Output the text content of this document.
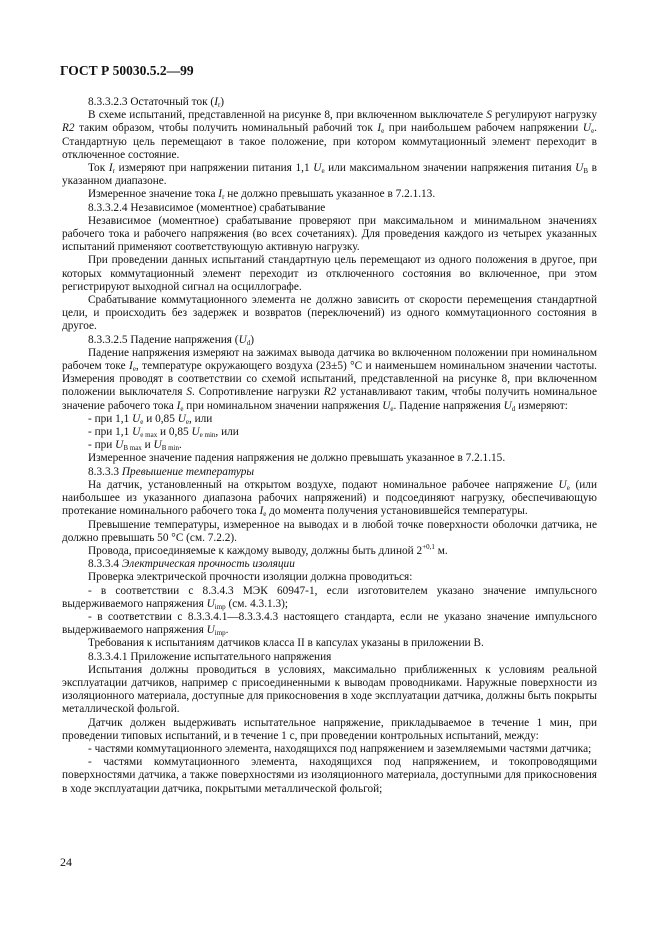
ГОСТ Р 50030.5.2—99

8.3.3.2.3 Остаточный ток $(I_r)$

В схеме испытаний, представленной на рисунке 8, при включенном выключателе S регулируют нагрузку R2 таким образом, чтобы получить номинальный рабочий ток $I_e$ при наибольшем рабочем напряжении $U_e$. Стандартную цель перемещают в такое положение, при котором коммутационный элемент переходит в отключенное состояние.

Ток $I_r$ измеряют при напряжении питания 1,1 $U_e$ или максимальном значении напряжения питания $U_B$ в указанном диапазоне.

Измеренное значение тока $I_r$ не должно превышать указанное в 7.2.1.13.

8.3.3.2.4 Независимое (моментное) срабатывание

Независимое (моментное) срабатывание проверяют при максимальном и минимальном значениях рабочего тока и рабочего напряжения (во всех сочетаниях). Для проведения каждого из четырех указанных испытаний применяют соответствующую активную нагрузку.

При проведении данных испытаний стандартную цель перемещают из одного положения в другое, при которых коммутационный элемент переходит из отключенного состояния во включенное, при этом регистрируют выходной сигнал на осциллографе.

Срабатывание коммутационного элемента не должно зависить от скорости перемещения стандартной цели, и происходить без задержек и возвратов (переключений) из одного коммутационного состояния в другое.

8.3.3.2.5 Падение напряжения $(U_d)$

Падение напряжения измеряют на зажимах вывода датчика во включенном положении при номинальном рабочем токе $I_e$, температуре окружающего воздуха (23±5) °С и наименьшем номинальном значении частоты. Измерения проводят в соответствии со схемой испытаний, представленной на рисунке 8, при включенном положении выключателя S. Сопротивление нагрузки R2 устанавливают таким, чтобы получить номинальное значение рабочего тока $I_e$ при номинальном значении напряжения $U_e$. Падение напряжения $U_d$ измеряют:

- при 1,1 $U_e$ и 0,85 $U_e$, или

- при 1,1 $U_{e max}$ и 0,85 $U_{e min}$, или

- при $U_{B max}$ и $U_{B min}$.

Измеренное значение падения напряжения не должно превышать указанное в 7.2.1.15.

8.3.3.3 Превышение температуры

На датчик, установленный на открытом воздухе, подают номинальное рабочее напряжение $U_e$ (или наибольшее из указанного диапазона рабочих напряжений) и подсоединяют нагрузку, обеспечивающую протекание номинального рабочего тока $I_e$ до момента получения установившейся температуры.

Превышение температуры, измеренное на выводах и в любой точке поверхности оболочки датчика, не должно превышать 50 °С (см. 7.2.2).

Провода, присоединяемые к каждому выводу, должны быть длиной $2^{+0,1}$ м.

8.3.3.4 Электрическая прочность изоляции

Проверка электрической прочности изоляции должна проводиться:

- в соответствии с 8.3.4.3 МЭК 60947-1, если изготовителем указано значение импульсного выдерживаемого напряжения $U_{imp}$ (см. 4.3.1.3);

- в соответствии с 8.3.3.4.1—8.3.3.4.3 настоящего стандарта, если не указано значение импульсного выдерживаемого напряжения $U_{imp}$.

Требования к испытаниям датчиков класса II в капсулах указаны в приложении В.

8.3.3.4.1 Приложение испытательного напряжения

Испытания должны проводиться в условиях, максимально приближенных к условиям реальной эксплуатации датчиков, например с присоединенными к выводам проводниками. Наружные поверхности из изоляционного материала, доступные для прикосновения в ходе эксплуатации датчика, должны быть покрыты металлической фольгой.

Датчик должен выдерживать испытательное напряжение, прикладываемое в течение 1 мин, при проведении типовых испытаний, и в течение 1 с, при проведении контрольных испытаний, между:

- частями коммутационного элемента, находящихся под напряжением и заземляемыми частями датчика;

- частями коммутационного элемента, находящихся под напряжением, и токопроводящими поверхностями датчика, а также поверхностями из изоляционного материала, доступными для прикосновения в ходе эксплуатации датчика, покрытыми металлической фольгой;

24
